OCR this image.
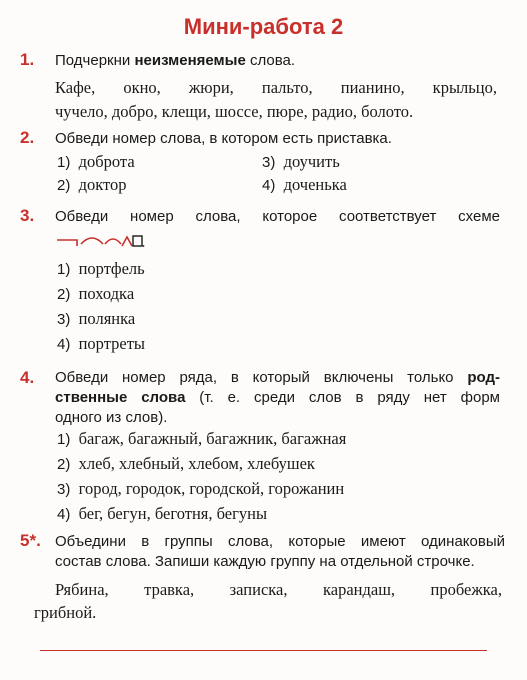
Мини-работа 2
1. Подчеркни неизменяемые слова.
Кафе, окно, жюри, пальто, пианино, крыльцо,
чучело, добро, клещи, шоссе, пюре, радио, болото.
2. Обведи номер слова, в котором есть приставка.
1) доброта
2) доктор
3) доучить
4) доченька
3. Обведи номер слова, которое соответствует схеме
1) портфель
2) походка
3) полянка
4) портреты
4. Обведи номер ряда, в который включены только род-
ственные слова (т. е. среди слов в ряду нет форм
одного из слов).
1) багаж, багажный, багажник, багажная
2) хлеб, хлебный, хлебом, хлебушек
3) город, городок, городской, горожанин
4) бег, бегун, беготня, бегуны
5*. Объедини в группы слова, которые имеют одинаковый
состав слова. Запиши каждую группу на отдельной строчке.
Рябина, травка, записка, карандаш, пробежка,
грибной.
